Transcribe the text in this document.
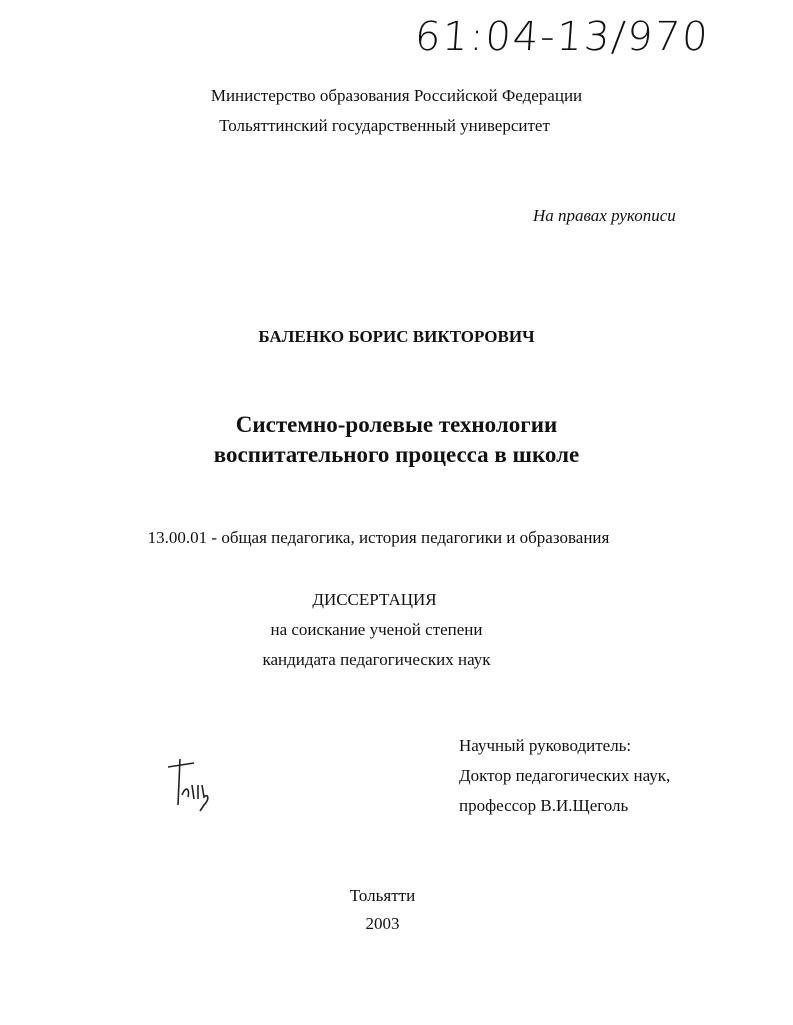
61:04-13/970
Министерство образования Российской Федерации
Тольяттинский государственный университет
На правах рукописи
БАЛЕНКО БОРИС ВИКТОРОВИЧ
Системно-ролевые технологии
воспитательного процесса в школе
13.00.01 - общая педагогика, история педагогики и образования
ДИССЕРТАЦИЯ
на соискание ученой степени
кандидата педагогических наук
Научный руководитель:
Доктор педагогических наук,
профессор В.И.Щеголь
Тольятти
2003
